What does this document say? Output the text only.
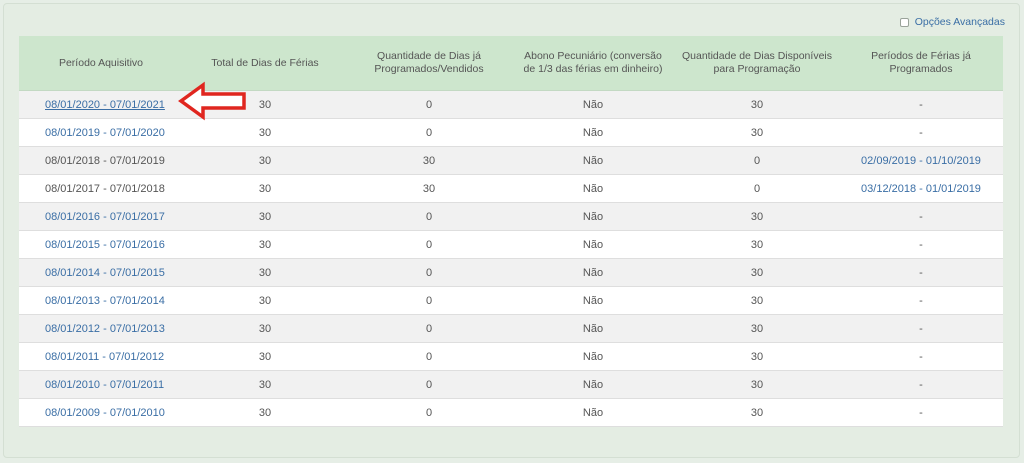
Opções Avançadas
Período Aquisitivo	Total de Dias de Férias	Quantidade de Dias já Programados/Vendidos	Abono Pecuniário (conversão de 1/3 das férias em dinheiro)	Quantidade de Dias Disponíveis para Programação	Períodos de Férias já Programados
08/01/2020 - 07/01/2021	30	0	Não	30	-
08/01/2019 - 07/01/2020	30	0	Não	30	-
08/01/2018 - 07/01/2019	30	30	Não	0	02/09/2019 - 01/10/2019
08/01/2017 - 07/01/2018	30	30	Não	0	03/12/2018 - 01/01/2019
08/01/2016 - 07/01/2017	30	0	Não	30	-
08/01/2015 - 07/01/2016	30	0	Não	30	-
08/01/2014 - 07/01/2015	30	0	Não	30	-
08/01/2013 - 07/01/2014	30	0	Não	30	-
08/01/2012 - 07/01/2013	30	0	Não	30	-
08/01/2011 - 07/01/2012	30	0	Não	30	-
08/01/2010 - 07/01/2011	30	0	Não	30	-
08/01/2009 - 07/01/2010	30	0	Não	30	-
